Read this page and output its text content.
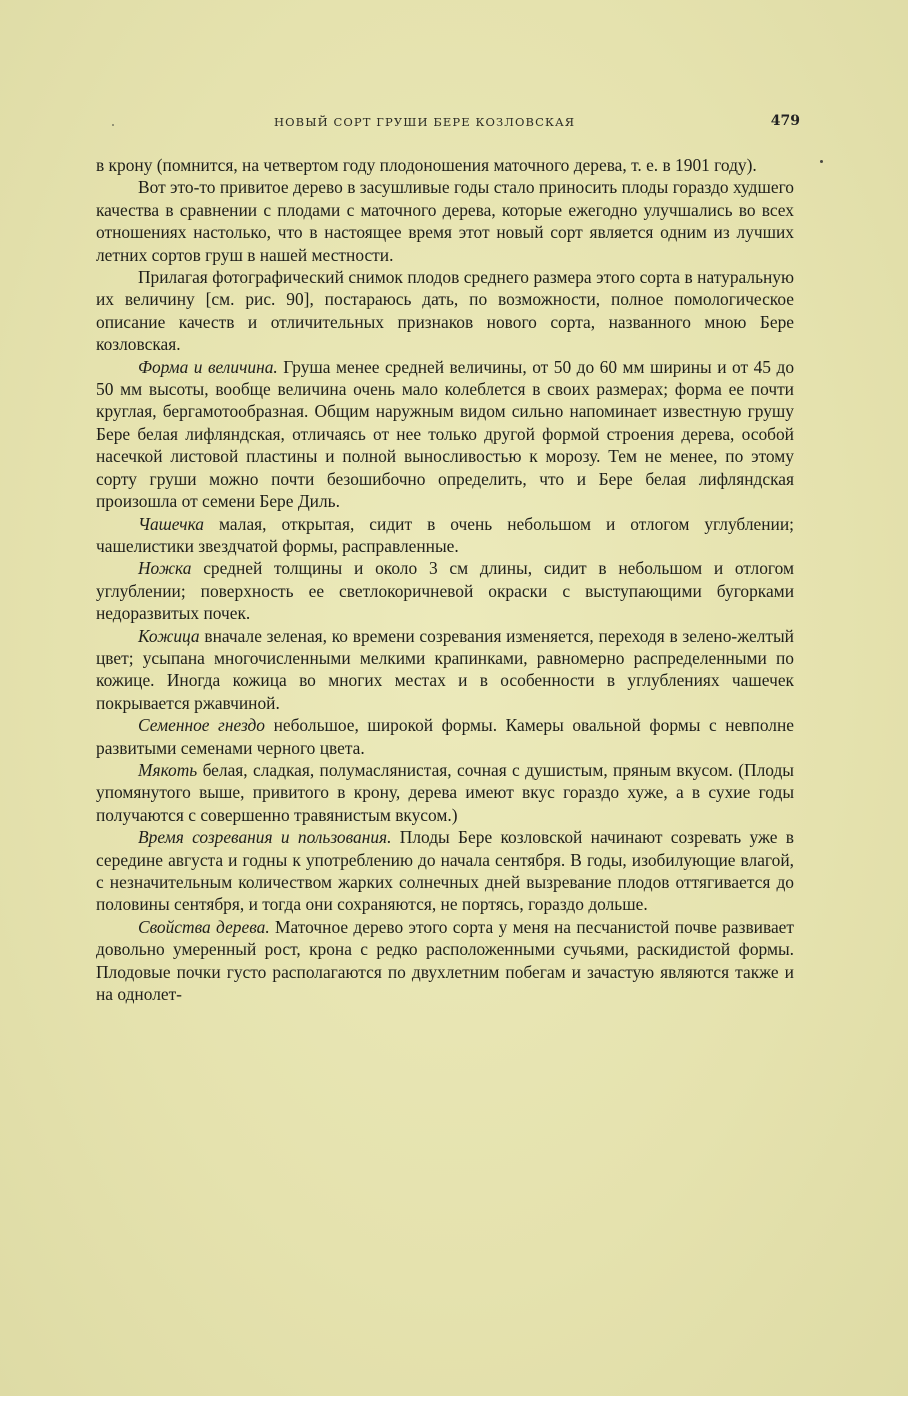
НОВЫЙ СОРТ ГРУШИ БЕРЕ КОЗЛОВСКАЯ	479

в крону (помнится, на четвертом году плодоношения маточного дерева, т. е. в 1901 году).

Вот это-то привитое дерево в засушливые годы стало приносить плоды гораздо худшего качества в сравнении с плодами с маточного дерева, которые ежегодно улучшались во всех отношениях настолько, что в настоящее время этот новый сорт является одним из лучших летних сортов груш в нашей местности.

Прилагая фотографический снимок плодов среднего размера этого сорта в натуральную их величину [см. рис. 90], постараюсь дать, по возможности, полное помологическое описание качеств и отличительных признаков нового сорта, названного мною Бере козловская.

Форма и величина. Груша менее средней величины, от 50 до 60 мм ширины и от 45 до 50 мм высоты, вообще величина очень мало колеблется в своих размерах; форма ее почти круглая, бергамотообразная. Общим наружным видом сильно напоминает известную грушу Бере белая лифляндская, отличаясь от нее только другой формой строения дерева, особой насечкой листовой пластины и полной выносливостью к морозу. Тем не менее, по этому сорту груши можно почти безошибочно определить, что и Бере белая лифляндская произошла от семени Бере Диль.

Чашечка малая, открытая, сидит в очень небольшом и отлогом углублении; чашелистики звездчатой формы, расправленные.

Ножка средней толщины и около 3 см длины, сидит в небольшом и отлогом углублении; поверхность ее светлокоричневой окраски с выступающими бугорками недоразвитых почек.

Кожица вначале зеленая, ко времени созревания изменяется, переходя в зелено-желтый цвет; усыпана многочисленными мелкими крапинками, равномерно распределенными по кожице. Иногда кожица во многих местах и в особенности в углублениях чашечек покрывается ржавчиной.

Семенное гнездо небольшое, широкой формы. Камеры овальной формы с невполне развитыми семенами черного цвета.

Мякоть белая, сладкая, полумаслянистая, сочная с душистым, пряным вкусом. (Плоды упомянутого выше, привитого в крону, дерева имеют вкус гораздо хуже, а в сухие годы получаются с совершенно травянистым вкусом.)

Время созревания и пользования. Плоды Бере козловской начинают созревать уже в середине августа и годны к употреблению до начала сентября. В годы, изобилующие влагой, с незначительным количеством жарких солнечных дней вызревание плодов оттягивается до половины сентября, и тогда они сохраняются, не портясь, гораздо дольше.

Свойства дерева. Маточное дерево этого сорта у меня на песчанистой почве развивает довольно умеренный рост, крона с редко расположенными сучьями, раскидистой формы. Плодовые почки густо располагаются по двухлетним побегам и зачастую являются также и на однолет-
